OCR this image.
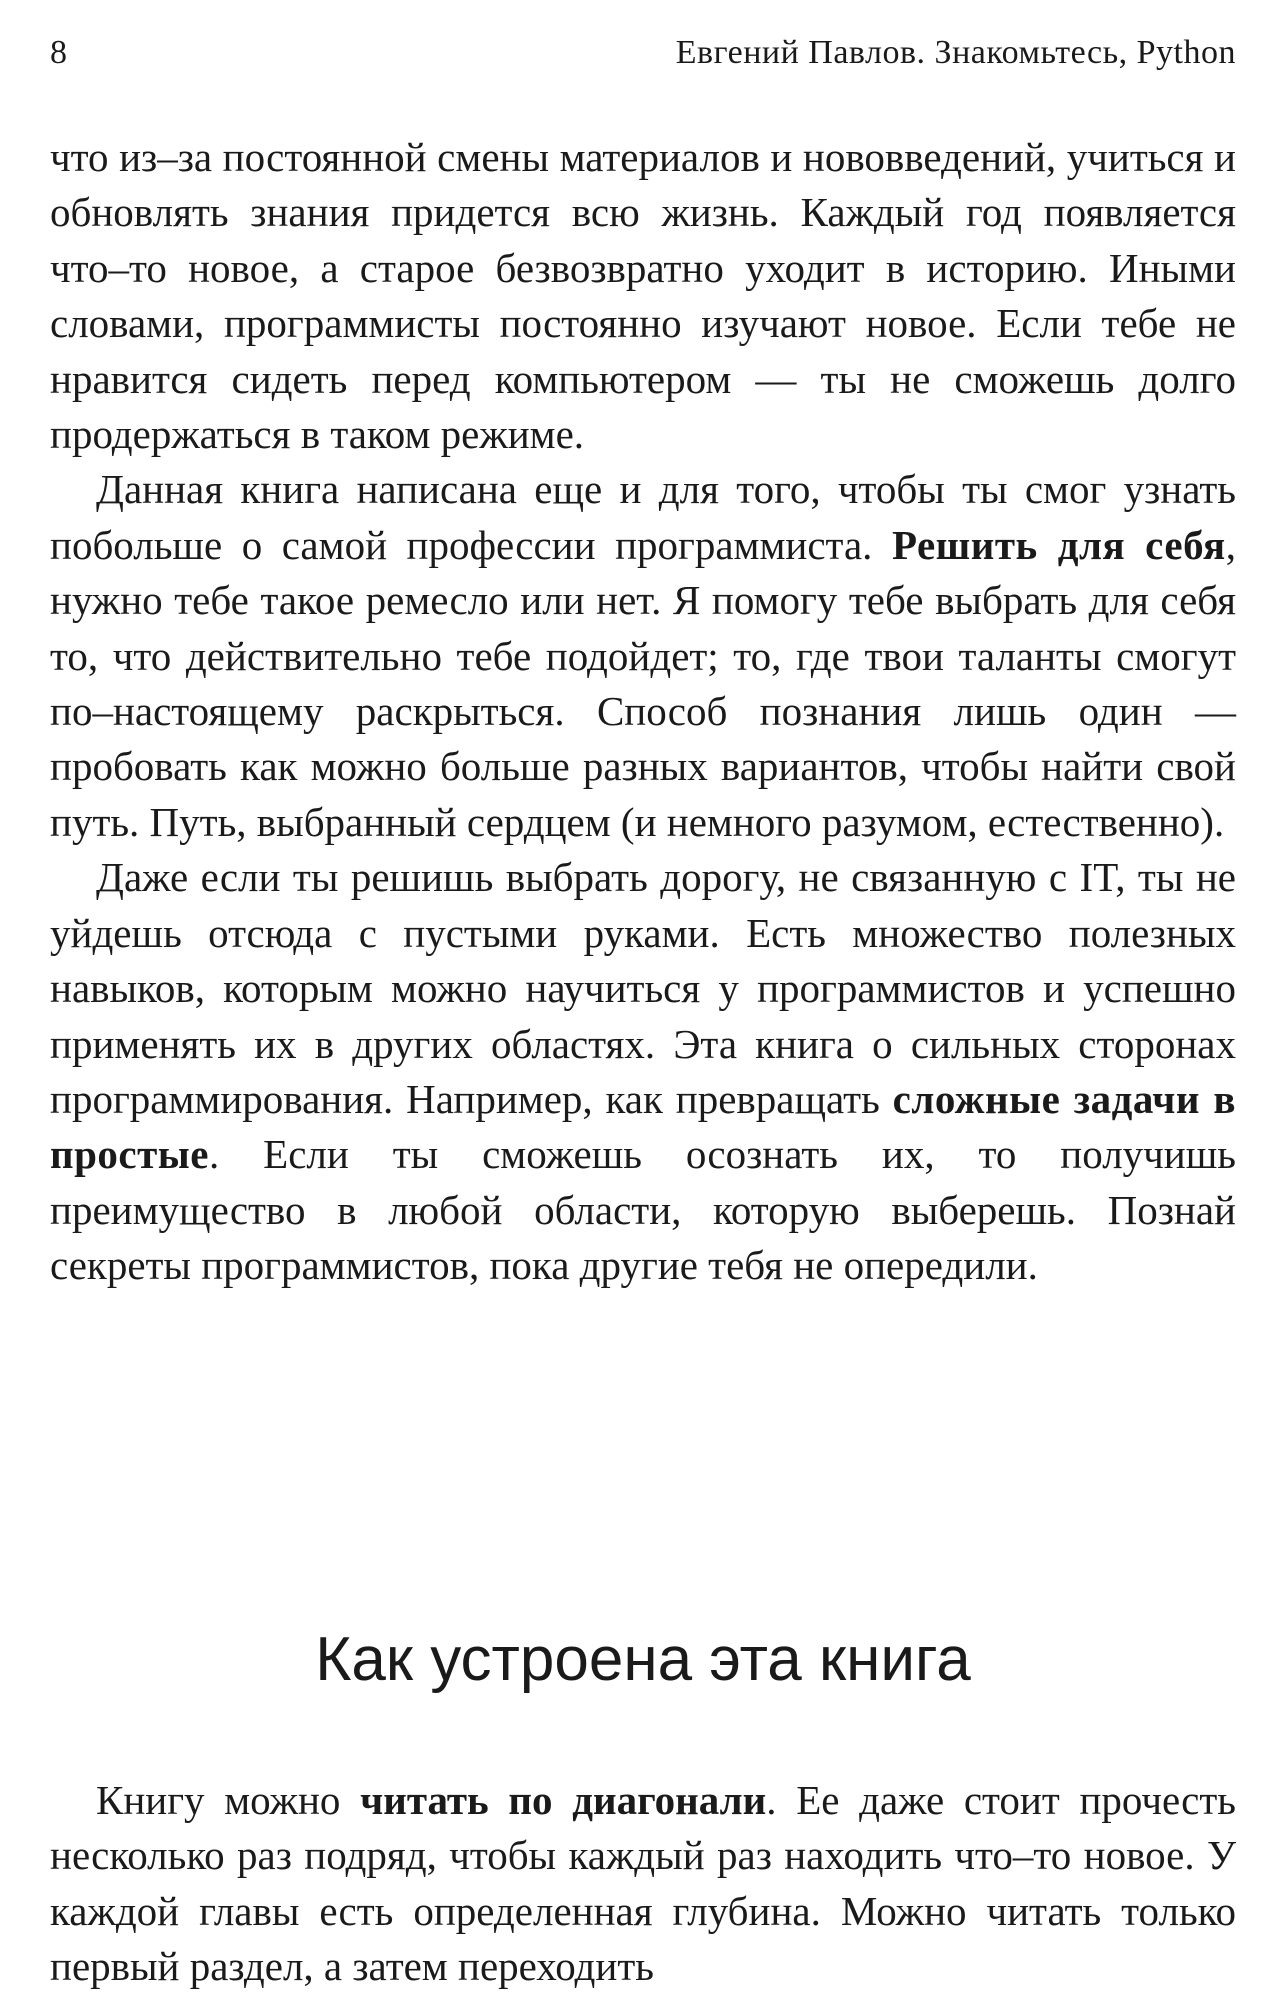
8	Евгений Павлов. Знакомьтесь, Python

что из–за постоянной смены материалов и нововведений, учиться и обновлять знания придется всю жизнь. Каждый год появляется что–то новое, а старое безвозвратно уходит в историю. Иными словами, программисты постоянно изучают новое. Если тебе не нравится сидеть перед компьютером — ты не сможешь долго продержаться в таком режиме.

Данная книга написана еще и для того, чтобы ты смог узнать побольше о самой профессии программиста. Решить для себя, нужно тебе такое ремесло или нет. Я помогу тебе выбрать для себя то, что действительно тебе подойдет; то, где твои таланты смогут по–настоящему раскрыться. Способ познания лишь один — пробовать как можно больше разных вариантов, чтобы найти свой путь. Путь, выбранный сердцем (и немного разумом, естественно).

Даже если ты решишь выбрать дорогу, не связанную с IT, ты не уйдешь отсюда с пустыми руками. Есть множество полезных навыков, которым можно научиться у программистов и успешно применять их в других областях. Эта книга о сильных сторонах программирования. Например, как превращать сложные задачи в простые. Если ты сможешь осознать их, то получишь преимущество в любой области, которую выберешь. Познай секреты программистов, пока другие тебя не опередили.

Как устроена эта книга

Книгу можно читать по диагонали. Ее даже стоит прочесть несколько раз подряд, чтобы каждый раз находить что–то новое. У каждой главы есть определенная глубина. Можно читать только первый раздел, а затем переходить
